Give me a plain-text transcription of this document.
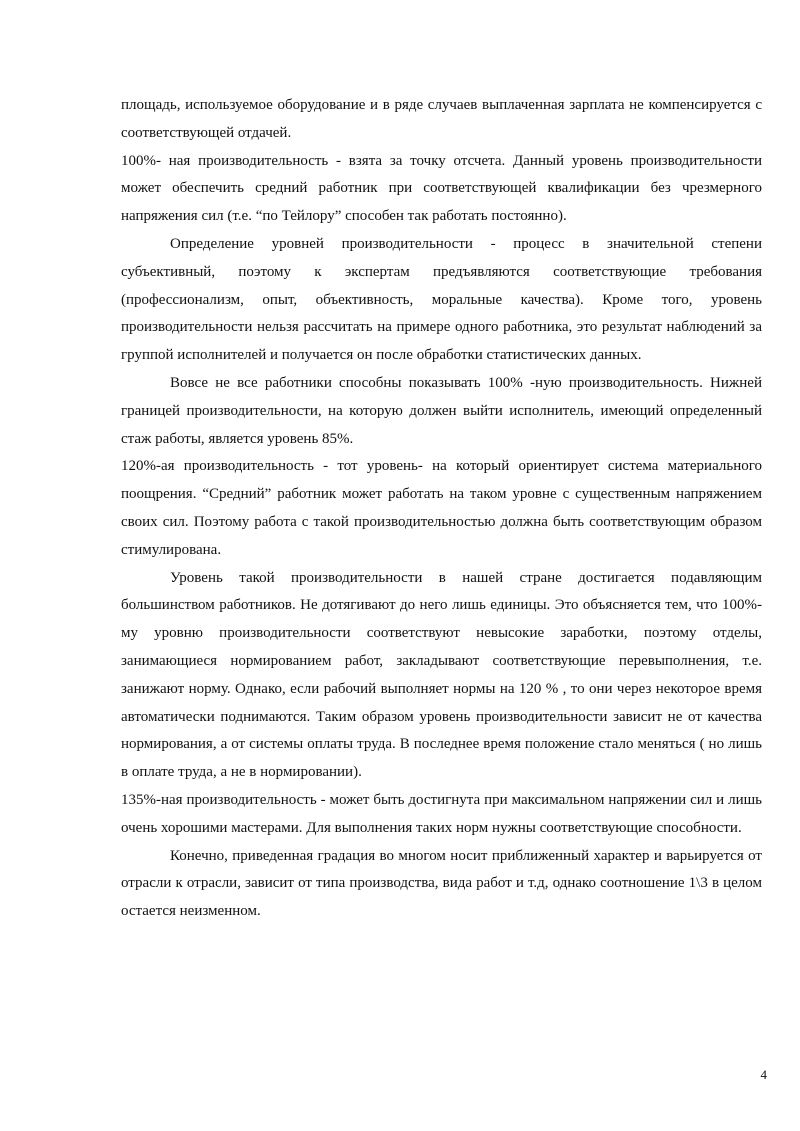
площадь, используемое оборудование и в ряде случаев выплаченная зарплата не компенсируется с соответствующей отдачей.

100%- ная производительность - взята за точку отсчета. Данный уровень производительности может обеспечить средний работник при соответствующей квалификации без чрезмерного напряжения сил (т.е. “по Тейлору” способен так работать постоянно).

Определение уровней производительности - процесс в значительной степени субъективный, поэтому к экспертам предъявляются соответствующие требования (профессионализм, опыт, объективность, моральные качества). Кроме того, уровень производительности нельзя рассчитать на примере одного работника, это результат наблюдений за группой исполнителей и получается он после обработки статистических данных.

Вовсе не все работники способны показывать 100% -ную производительность. Нижней границей производительности, на которую должен выйти исполнитель, имеющий определенный стаж работы, является уровень 85%.

120%-ая производительность - тот уровень- на который ориентирует система материального поощрения. “Средний” работник может работать на таком уровне с существенным напряжением своих сил. Поэтому работа с такой производительностью должна быть соответствующим образом стимулирована.

Уровень такой производительности в нашей стране достигается подавляющим большинством работников. Не дотягивают до него лишь единицы. Это объясняется тем, что 100%-му уровню производительности соответствуют невысокие заработки, поэтому отделы, занимающиеся нормированием работ, закладывают соответствующие перевыполнения, т.е. занижают норму. Однако, если рабочий выполняет нормы на 120 % , то они через некоторое время автоматически поднимаются. Таким образом уровень производительности зависит не от качества нормирования, а от системы оплаты труда. В последнее время положение стало меняться ( но лишь в оплате труда, а не в нормировании).

135%-ная производительность - может быть достигнута при максимальном напряжении сил и лишь очень хорошими мастерами. Для выполнения таких норм нужны соответствующие способности.

Конечно, приведенная градация во многом носит приближенный характер и варьируется от отрасли к отрасли, зависит от типа производства, вида работ и т.д, однако соотношение 1\3 в целом остается неизменном.

4
